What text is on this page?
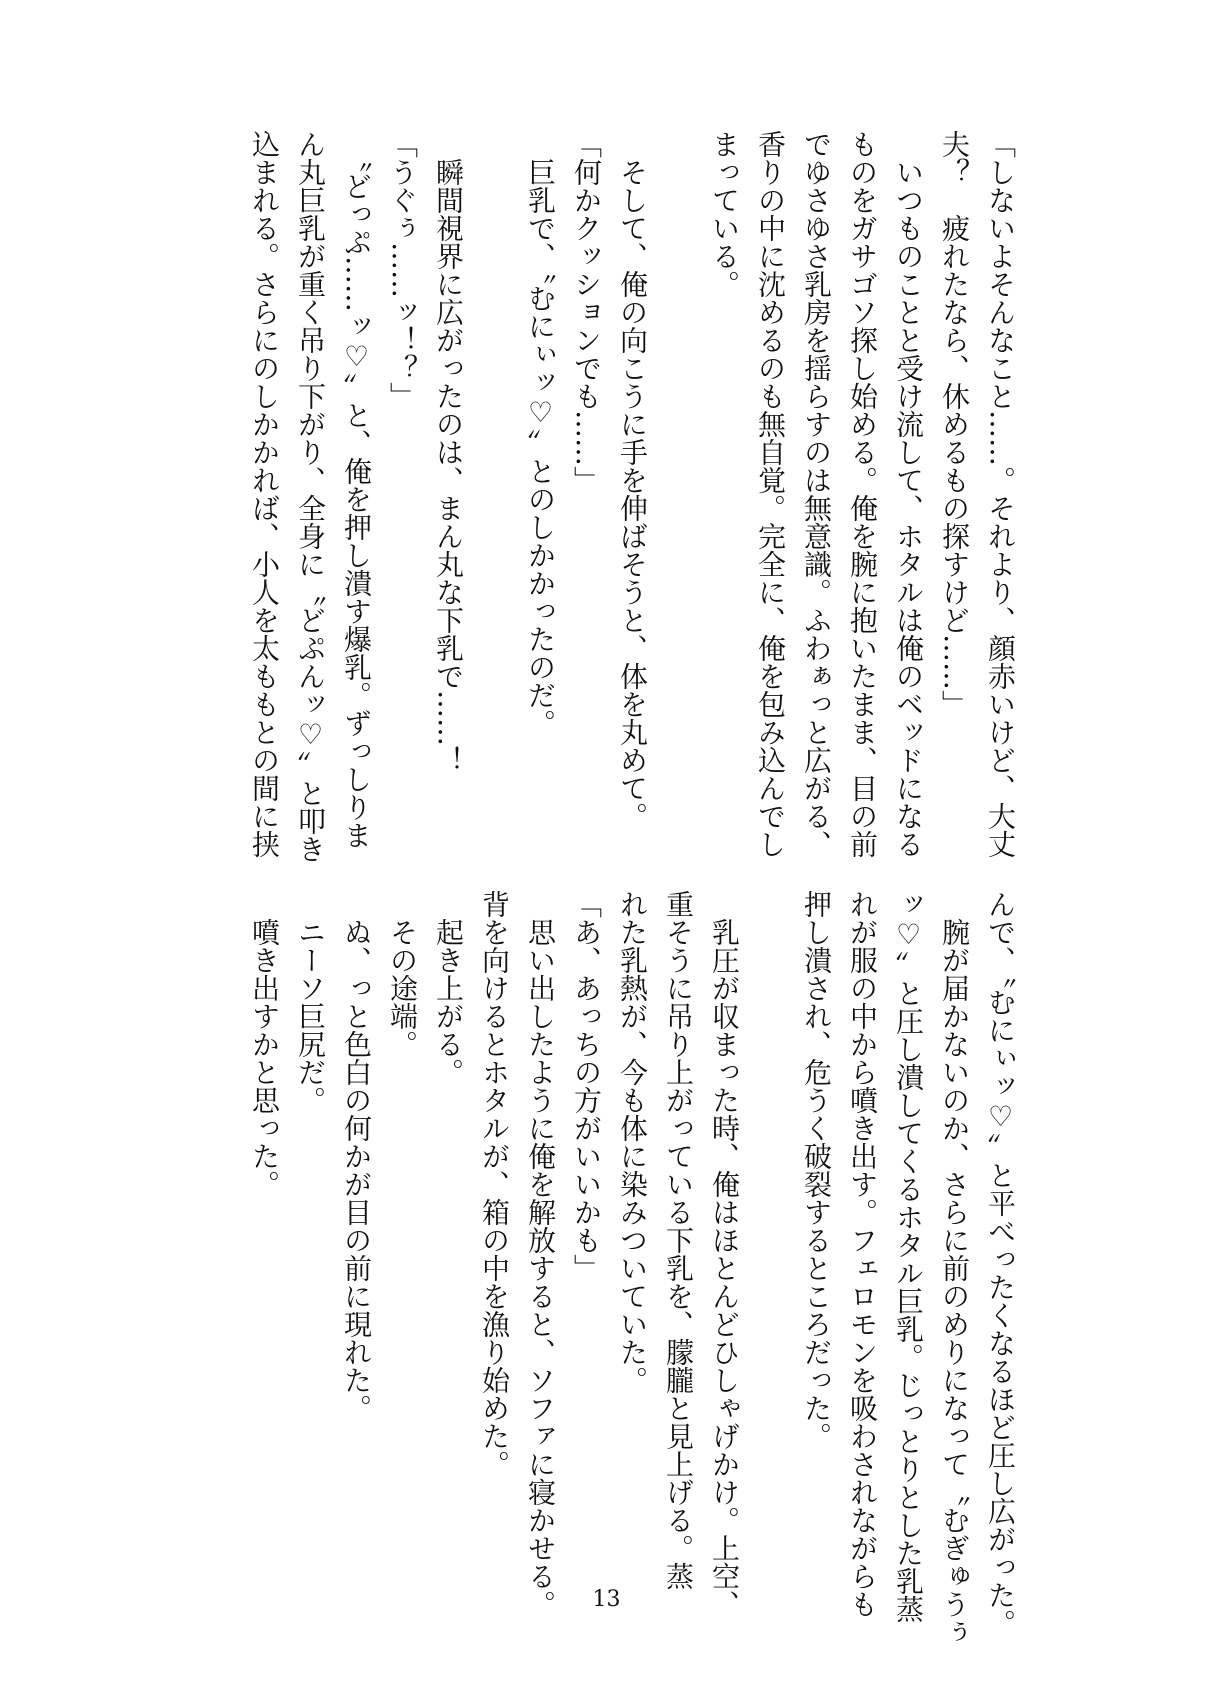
「しないよそんなこと……。それより、顔赤いけど、大丈
夫？　疲れたなら、休めるもの探すけど……」
　いつものことと受け流して、ホタルは俺のベッドになる
ものをガサゴソ探し始める。俺を腕に抱いたまま、目の前
でゆさゆさ乳房を揺らすのは無意識。ふわぁっと広がる、
香りの中に沈めるのも無自覚。完全に、俺を包み込んでし
まっている。
　そして、俺の向こうに手を伸ばそうと、体を丸めて。
「何かクッションでも……」
　巨乳で、〝むにぃッ♡〟とのしかかったのだ。
　瞬間視界に広がったのは、まん丸な下乳で……！
「うぐぅ……ッ！？」
　〝どっぷ……ッ♡〟と、俺を押し潰す爆乳。ずっしりま
ん丸巨乳が重く吊り下がり、全身に〝どぷんッ♡〟と叩き
込まれる。さらにのしかかれば、小人を太ももとの間に挟
んで、〝むにぃッ♡〟と平べったくなるほど圧し広がった。
　腕が届かないのか、さらに前のめりになって〝むぎゅうぅ
ッ♡〟と圧し潰してくるホタル巨乳。じっとりとした乳蒸
れが服の中から噴き出す。フェロモンを吸わされながらも
押し潰され、危うく破裂するところだった。
　乳圧が収まった時、俺はほとんどひしゃげかけ。上空、
重そうに吊り上がっている下乳を、朦朧と見上げる。蒸
れた乳熱が、今も体に染みついていた。
「あ、あっちの方がいいかも」
　思い出したように俺を解放すると、ソファに寝かせる。
背を向けるとホタルが、箱の中を漁り始めた。
　起き上がる。
　その途端。
　ぬ、っと色白の何かが目の前に現れた。
　ニーソ巨尻だ。
　噴き出すかと思った。
13
